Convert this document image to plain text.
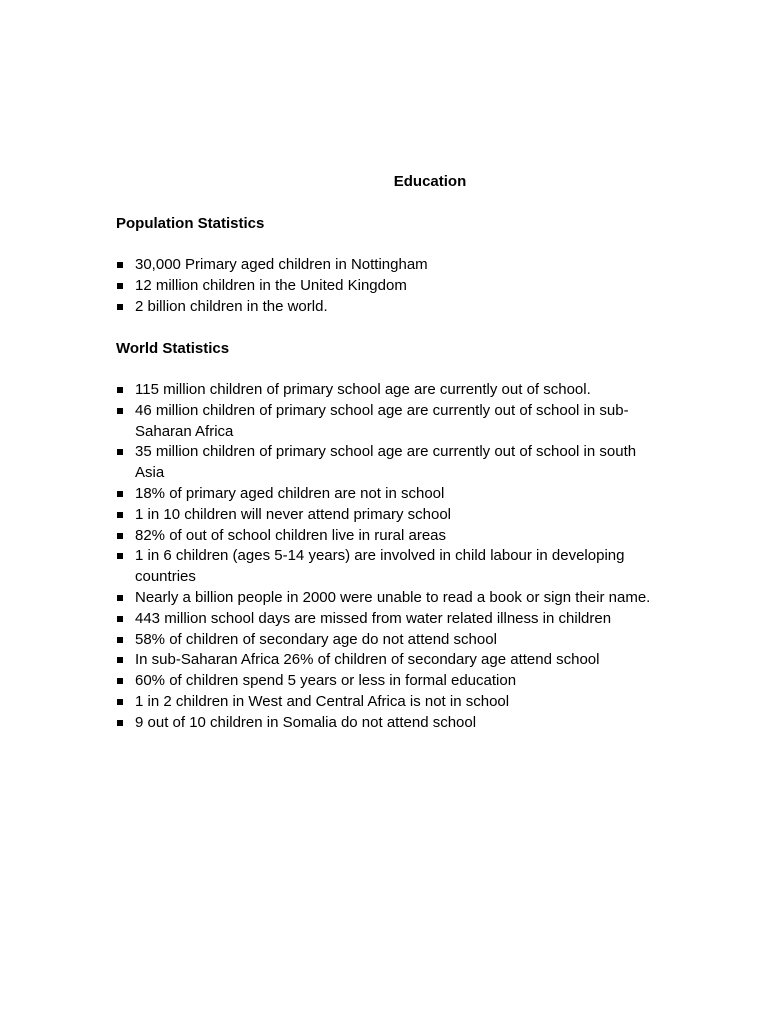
Education
Population Statistics
30,000 Primary aged children in Nottingham
12 million children in the United Kingdom
2 billion children in the world.
World Statistics
115 million children of primary school age are currently out of school.
46 million children of primary school age are currently out of school in sub-Saharan Africa
35 million children of primary school age are currently out of school in south Asia
18% of primary aged children are not in school
1 in 10 children will never attend primary school
82% of out of school children live in rural areas
1 in 6 children (ages 5-14 years) are involved in child labour in developing countries
Nearly a billion people in 2000 were unable to read a book or sign their name.
443 million school days are missed from water related illness in children
58% of children of secondary age do not attend school
In sub-Saharan Africa 26% of children of secondary age attend school
60% of children spend 5 years or less in formal education
1 in 2 children in West and Central Africa is not in school
9 out of 10 children in Somalia do not attend school
